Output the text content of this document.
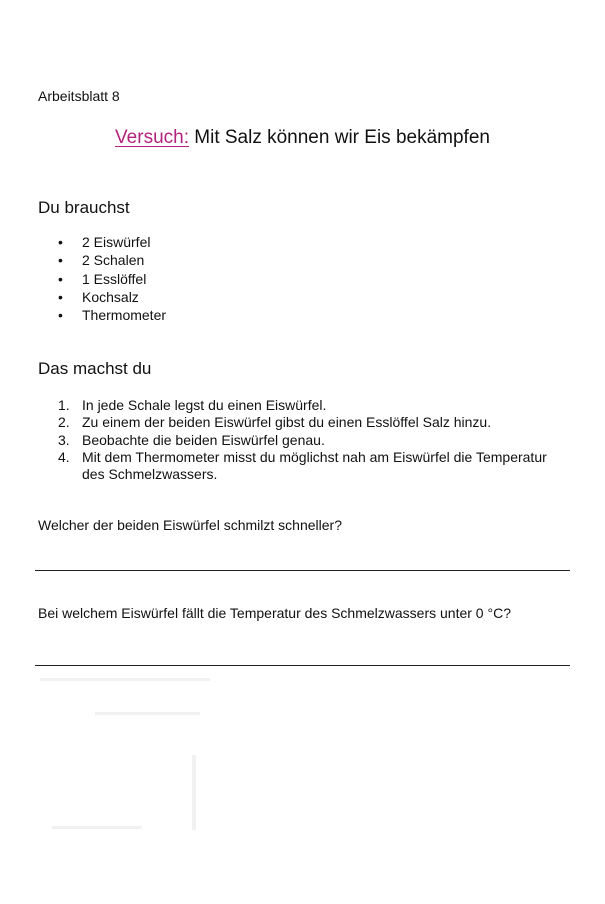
Arbeitsblatt 8
Versuch: Mit Salz können wir Eis bekämpfen
Du brauchst
• 2 Eiswürfel
• 2 Schalen
• 1 Esslöffel
• Kochsalz
• Thermometer
Das machst du
1. In jede Schale legst du einen Eiswürfel.
2. Zu einem der beiden Eiswürfel gibst du einen Esslöffel Salz hinzu.
3. Beobachte die beiden Eiswürfel genau.
4. Mit dem Thermometer misst du möglichst nah am Eiswürfel die Temperatur des Schmelzwassers.
Welcher der beiden Eiswürfel schmilzt schneller?
Bei welchem Eiswürfel fällt die Temperatur des Schmelzwassers unter 0 °C?
